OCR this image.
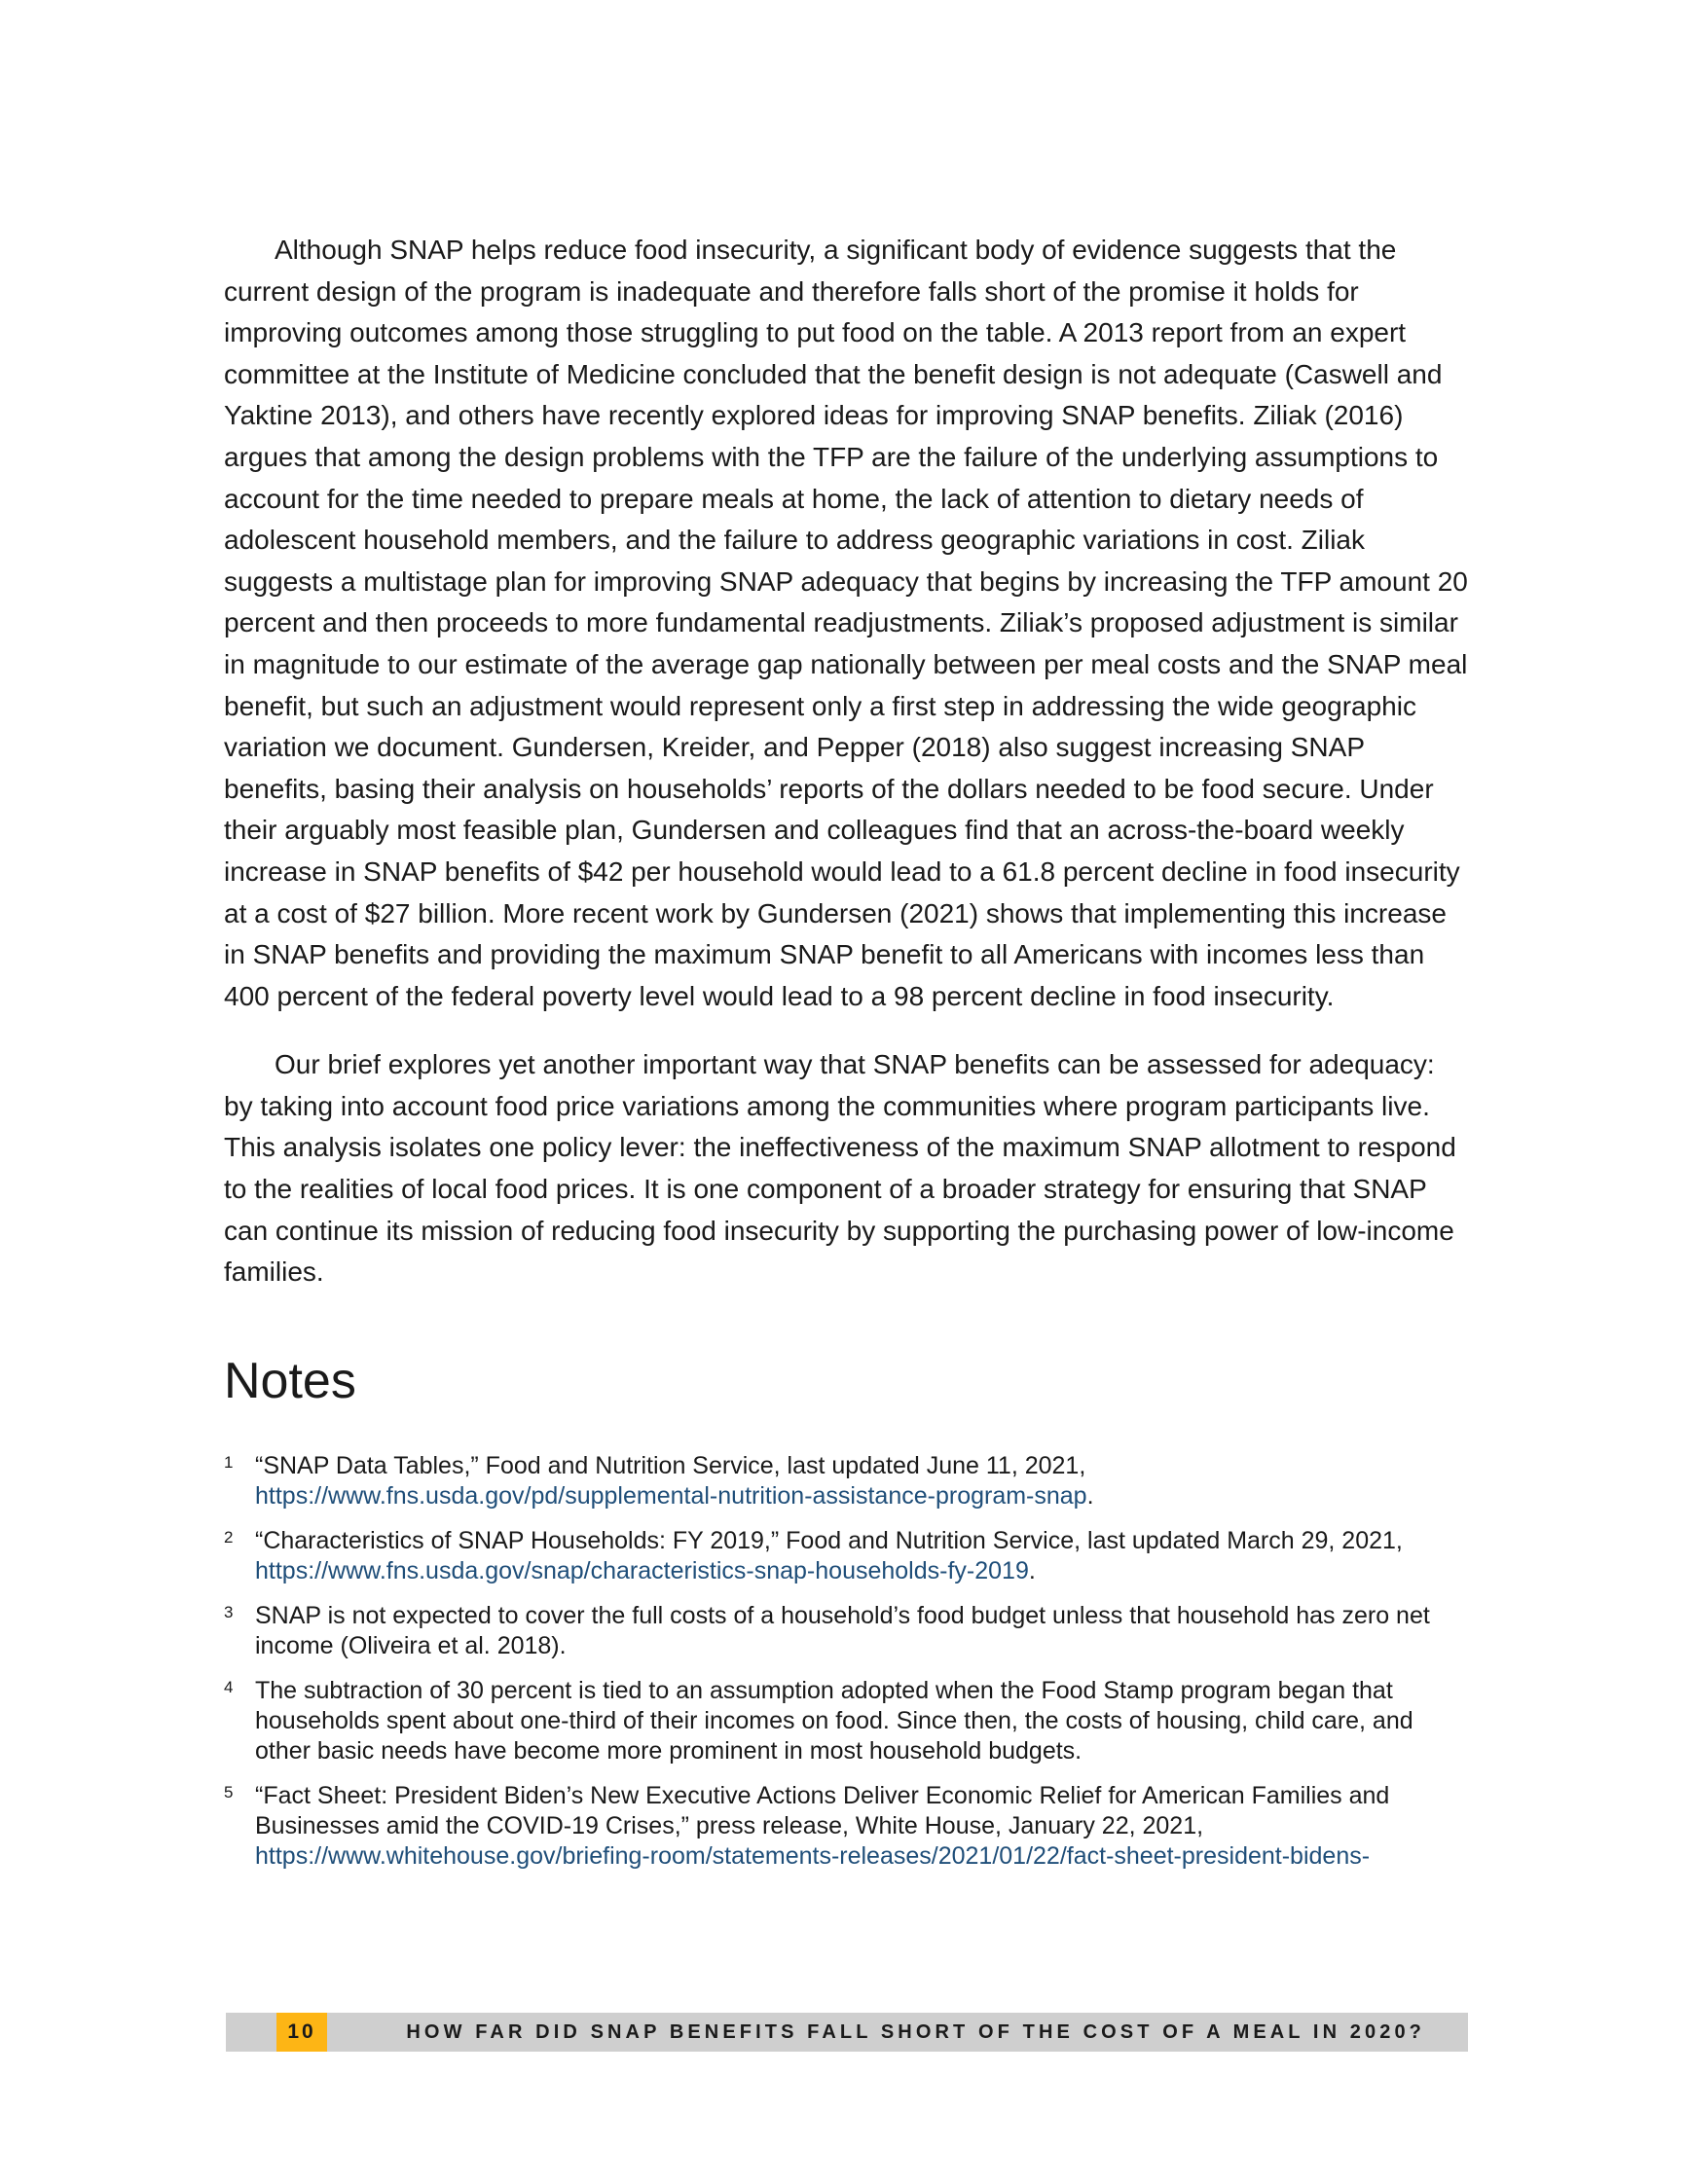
Although SNAP helps reduce food insecurity, a significant body of evidence suggests that the current design of the program is inadequate and therefore falls short of the promise it holds for improving outcomes among those struggling to put food on the table. A 2013 report from an expert committee at the Institute of Medicine concluded that the benefit design is not adequate (Caswell and Yaktine 2013), and others have recently explored ideas for improving SNAP benefits. Ziliak (2016) argues that among the design problems with the TFP are the failure of the underlying assumptions to account for the time needed to prepare meals at home, the lack of attention to dietary needs of adolescent household members, and the failure to address geographic variations in cost. Ziliak suggests a multistage plan for improving SNAP adequacy that begins by increasing the TFP amount 20 percent and then proceeds to more fundamental readjustments. Ziliak’s proposed adjustment is similar in magnitude to our estimate of the average gap nationally between per meal costs and the SNAP meal benefit, but such an adjustment would represent only a first step in addressing the wide geographic variation we document. Gundersen, Kreider, and Pepper (2018) also suggest increasing SNAP benefits, basing their analysis on households’ reports of the dollars needed to be food secure. Under their arguably most feasible plan, Gundersen and colleagues find that an across-the-board weekly increase in SNAP benefits of $42 per household would lead to a 61.8 percent decline in food insecurity at a cost of $27 billion. More recent work by Gundersen (2021) shows that implementing this increase in SNAP benefits and providing the maximum SNAP benefit to all Americans with incomes less than 400 percent of the federal poverty level would lead to a 98 percent decline in food insecurity.

Our brief explores yet another important way that SNAP benefits can be assessed for adequacy: by taking into account food price variations among the communities where program participants live. This analysis isolates one policy lever: the ineffectiveness of the maximum SNAP allotment to respond to the realities of local food prices. It is one component of a broader strategy for ensuring that SNAP can continue its mission of reducing food insecurity by supporting the purchasing power of low-income families.

Notes
1 “SNAP Data Tables,” Food and Nutrition Service, last updated June 11, 2021,
https://www.fns.usda.gov/pd/supplemental-nutrition-assistance-program-snap.
2 “Characteristics of SNAP Households: FY 2019,” Food and Nutrition Service, last updated March 29, 2021,
https://www.fns.usda.gov/snap/characteristics-snap-households-fy-2019.
3 SNAP is not expected to cover the full costs of a household’s food budget unless that household has zero net income (Oliveira et al. 2018).
4 The subtraction of 30 percent is tied to an assumption adopted when the Food Stamp program began that households spent about one-third of their incomes on food. Since then, the costs of housing, child care, and other basic needs have become more prominent in most household budgets.
5 “Fact Sheet: President Biden’s New Executive Actions Deliver Economic Relief for American Families and Businesses amid the COVID-19 Crises,” press release, White House, January 22, 2021,
https://www.whitehouse.gov/briefing-room/statements-releases/2021/01/22/fact-sheet-president-bidens-
10	HOW FAR DID SNAP BENEFITS FALL SHORT OF THE COST OF A MEAL IN 2020?
